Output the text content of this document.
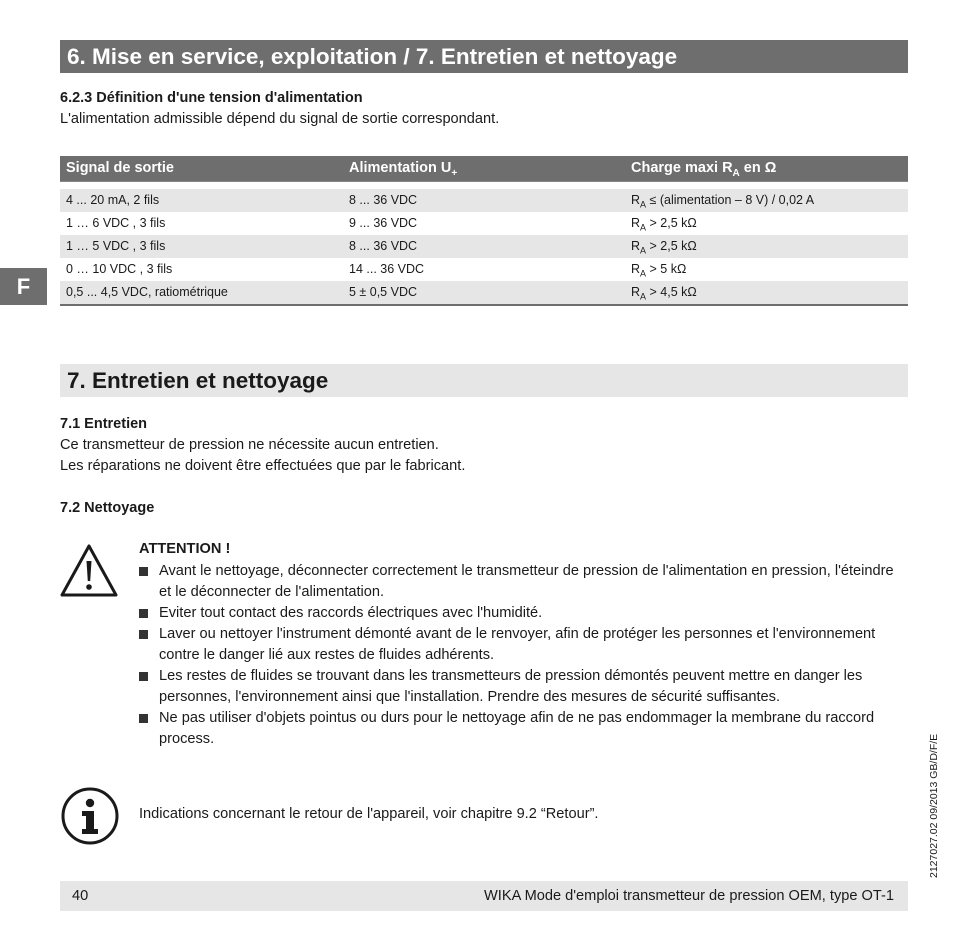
6. Mise en service, exploitation / 7. Entretien et nettoyage
6.2.3 Définition d'une tension d'alimentation
L'alimentation admissible dépend du signal de sortie correspondant.
Signal de sortie	Alimentation $U_+$	Charge maxi $R_A$ en Ω
4 ... 20 mA, 2 fils	8 ... 36 VDC	$R_A$ ≤ (alimentation – 8 V) / 0,02 A
1 … 6 VDC , 3 fils	9 ... 36 VDC	$R_A > 2,5$ kΩ
1 … 5 VDC , 3 fils	8 ... 36 VDC	$R_A > 2,5$ kΩ
0 … 10 VDC , 3 fils	14 ... 36 VDC	$R_A > 5$ kΩ
0,5 ... 4,5 VDC, ratiométrique	5 ± 0,5 VDC	$R_A > 4,5$ kΩ
F
7. Entretien et nettoyage
7.1 Entretien
Ce transmetteur de pression ne nécessite aucun entretien.
Les réparations ne doivent être effectuées que par le fabricant.
7.2 Nettoyage
ATTENTION !
Avant le nettoyage, déconnecter correctement le transmetteur de pression de l'alimentation en pression, l'éteindre et le déconnecter de l'alimentation.
Eviter tout contact des raccords électriques avec l'humidité.
Laver ou nettoyer l'instrument démonté avant de le renvoyer, afin de protéger les personnes et l'environnement contre le danger lié aux restes de fluides adhérents.
Les restes de fluides se trouvant dans les transmetteurs de pression démontés peuvent mettre en danger les personnes, l'environnement ainsi que l'installation. Prendre des mesures de sécurité suffisantes.
Ne pas utiliser d'objets pointus ou durs pour le nettoyage afin de ne pas endommager la membrane du raccord process.
Indications concernant le retour de l'appareil, voir chapitre 9.2 “Retour”.
40	WIKA Mode d'emploi transmetteur de pression OEM, type OT-1
2127027.02 09/2013 GB/D/F/E
